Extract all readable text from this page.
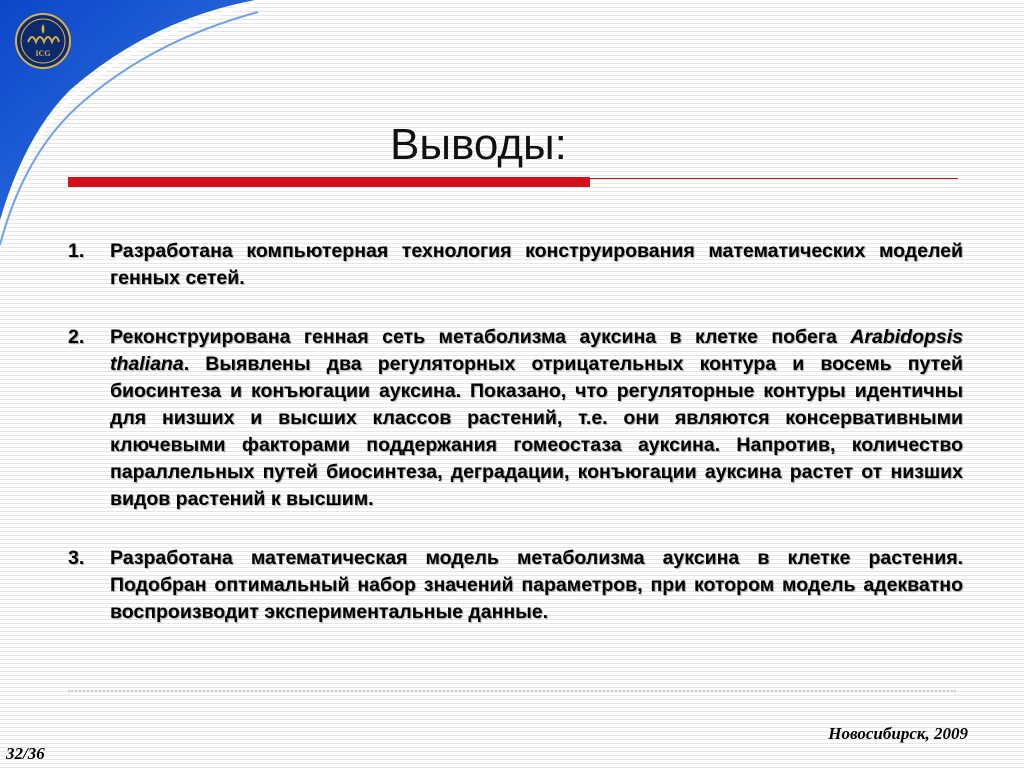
ICG
Выводы:
1.	Разработана компьютерная технология конструирования математических моделей генных сетей.
2.	Реконструирована генная сеть метаболизма ауксина в клетке побега Arabidopsis thaliana. Выявлены два регуляторных отрицательных контура и восемь путей биосинтеза и конъюгации ауксина. Показано, что регуляторные контуры идентичны для низших и высших классов растений, т.е. они являются консервативными ключевыми факторами поддержания гомеостаза ауксина. Напротив, количество параллельных путей биосинтеза, деградации, конъюгации ауксина растет от низших видов растений к высшим.
3.	Разработана математическая модель метаболизма ауксина в клетке растения. Подобран оптимальный набор значений параметров, при котором модель адекватно воспроизводит экспериментальные данные.
Новосибирск, 2009
32/36
